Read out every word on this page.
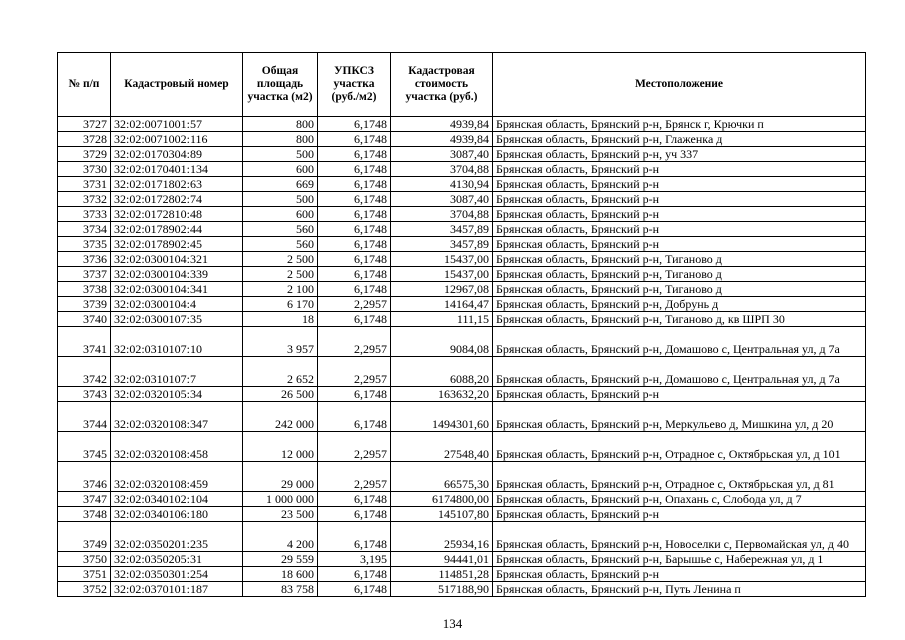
№ п/п	Кадастровый номер	Общая площадь участка (м2)	УПКСЗ участка (руб./м2)	Кадастровая стоимость участка (руб.)	Местоположение
3727	32:02:0071001:57	800	6,1748	4939,84	Брянская область, Брянский р-н, Брянск г, Крючки п
3728	32:02:0071002:116	800	6,1748	4939,84	Брянская область, Брянский р-н, Глаженка д
3729	32:02:0170304:89	500	6,1748	3087,40	Брянская область, Брянский р-н, уч 337
3730	32:02:0170401:134	600	6,1748	3704,88	Брянская область, Брянский р-н
3731	32:02:0171802:63	669	6,1748	4130,94	Брянская область, Брянский р-н
3732	32:02:0172802:74	500	6,1748	3087,40	Брянская область, Брянский р-н
3733	32:02:0172810:48	600	6,1748	3704,88	Брянская область, Брянский р-н
3734	32:02:0178902:44	560	6,1748	3457,89	Брянская область, Брянский р-н
3735	32:02:0178902:45	560	6,1748	3457,89	Брянская область, Брянский р-н
3736	32:02:0300104:321	2 500	6,1748	15437,00	Брянская область, Брянский р-н, Тиганово д
3737	32:02:0300104:339	2 500	6,1748	15437,00	Брянская область, Брянский р-н, Тиганово д
3738	32:02:0300104:341	2 100	6,1748	12967,08	Брянская область, Брянский р-н, Тиганово д
3739	32:02:0300104:4	6 170	2,2957	14164,47	Брянская область, Брянский р-н, Добрунь д
3740	32:02:0300107:35	18	6,1748	111,15	Брянская область, Брянский р-н, Тиганово д, кв ШРП 30
3741	32:02:0310107:10	3 957	2,2957	9084,08	Брянская область, Брянский р-н, Домашово с, Центральная ул, д 7а
3742	32:02:0310107:7	2 652	2,2957	6088,20	Брянская область, Брянский р-н, Домашово с, Центральная ул, д 7а
3743	32:02:0320105:34	26 500	6,1748	163632,20	Брянская область, Брянский р-н
3744	32:02:0320108:347	242 000	6,1748	1494301,60	Брянская область, Брянский р-н, Меркульево д, Мишкина ул, д 20
3745	32:02:0320108:458	12 000	2,2957	27548,40	Брянская область, Брянский р-н, Отрадное с, Октябрьская ул, д 101
3746	32:02:0320108:459	29 000	2,2957	66575,30	Брянская область, Брянский р-н, Отрадное с, Октябрьская ул, д 81
3747	32:02:0340102:104	1 000 000	6,1748	6174800,00	Брянская область, Брянский р-н, Опахань с, Слобода ул, д 7
3748	32:02:0340106:180	23 500	6,1748	145107,80	Брянская область, Брянский р-н
3749	32:02:0350201:235	4 200	6,1748	25934,16	Брянская область, Брянский р-н, Новоселки с, Первомайская ул, д 40
3750	32:02:0350205:31	29 559	3,195	94441,01	Брянская область, Брянский р-н, Барышье с, Набережная ул, д 1
3751	32:02:0350301:254	18 600	6,1748	114851,28	Брянская область, Брянский р-н
3752	32:02:0370101:187	83 758	6,1748	517188,90	Брянская область, Брянский р-н, Путь Ленина п
134
